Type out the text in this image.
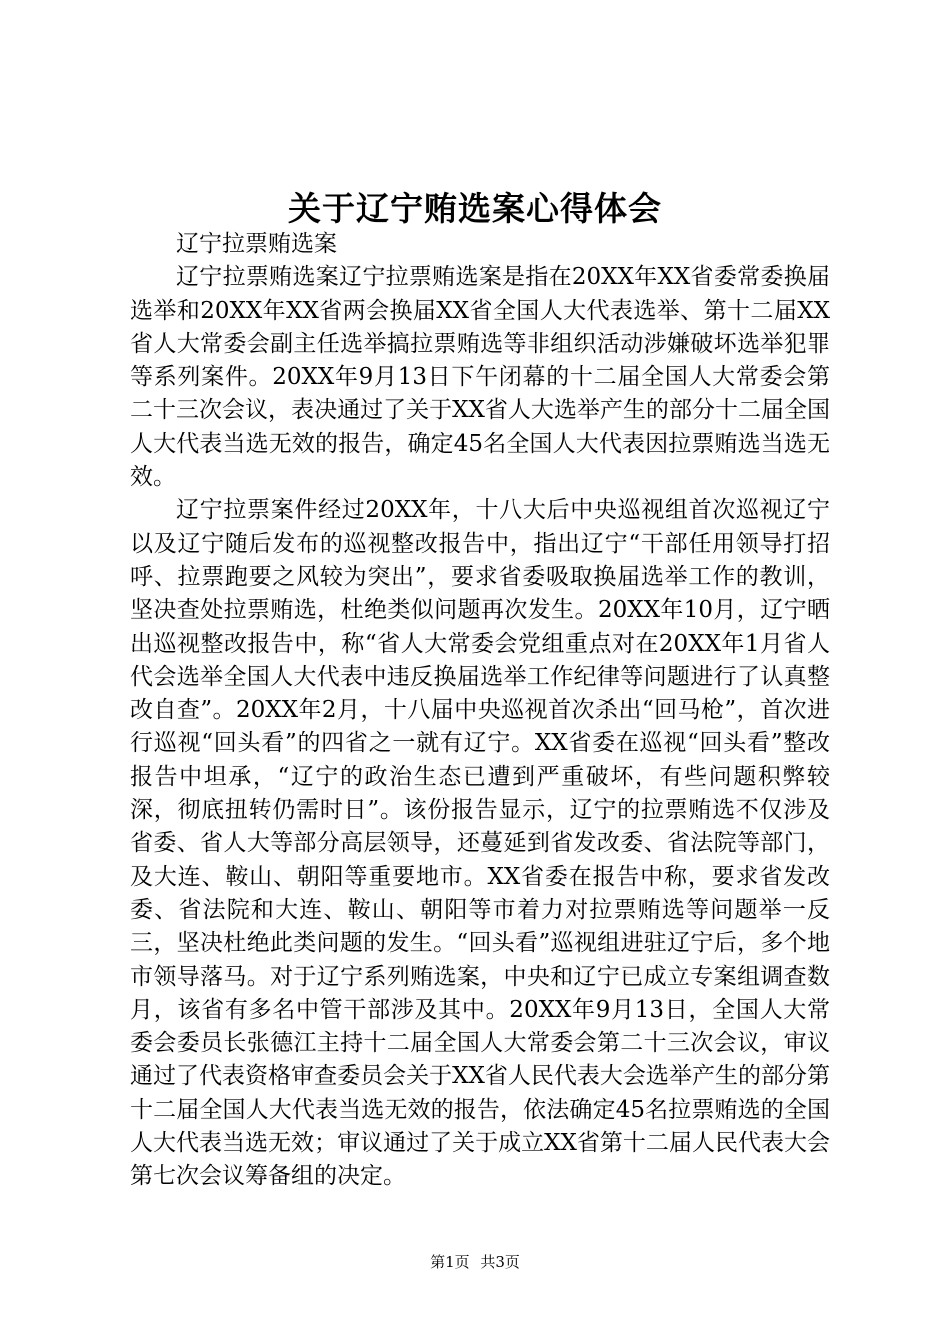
关于辽宁贿选案心得体会

辽宁拉票贿选案

辽宁拉票贿选案辽宁拉票贿选案是指在20XX年XX省委常委换届选举和20XX年XX省两会换届XX省全国人大代表选举、第十二届XX省人大常委会副主任选举搞拉票贿选等非组织活动涉嫌破坏选举犯罪等系列案件。20XX年9月13日下午闭幕的十二届全国人大常委会第二十三次会议，表决通过了关于XX省人大选举产生的部分十二届全国人大代表当选无效的报告，确定45名全国人大代表因拉票贿选当选无效。

辽宁拉票案件经过20XX年，十八大后中央巡视组首次巡视辽宁以及辽宁随后发布的巡视整改报告中，指出辽宁“干部任用领导打招呼、拉票跑要之风较为突出”，要求省委吸取换届选举工作的教训，坚决查处拉票贿选，杜绝类似问题再次发生。20XX年10月，辽宁晒出巡视整改报告中，称“省人大常委会党组重点对在20XX年1月省人代会选举全国人大代表中违反换届选举工作纪律等问题进行了认真整改自查”。20XX年2月，十八届中央巡视首次杀出“回马枪”，首次进行巡视“回头看”的四省之一就有辽宁。XX省委在巡视“回头看”整改报告中坦承，“辽宁的政治生态已遭到严重破坏，有些问题积弊较深，彻底扭转仍需时日”。该份报告显示，辽宁的拉票贿选不仅涉及省委、省人大等部分高层领导，还蔓延到省发改委、省法院等部门，及大连、鞍山、朝阳等重要地市。XX省委在报告中称，要求省发改委、省法院和大连、鞍山、朝阳等市着力对拉票贿选等问题举一反三，坚决杜绝此类问题的发生。“回头看”巡视组进驻辽宁后，多个地市领导落马。对于辽宁系列贿选案，中央和辽宁已成立专案组调查数月，该省有多名中管干部涉及其中。20XX年9月13日，全国人大常委会委员长张德江主持十二届全国人大常委会第二十三次会议，审议通过了代表资格审查委员会关于XX省人民代表大会选举产生的部分第十二届全国人大代表当选无效的报告，依法确定45名拉票贿选的全国人大代表当选无效；审议通过了关于成立XX省第十二届人民代表大会第七次会议筹备组的决定。

第1页 共3页
